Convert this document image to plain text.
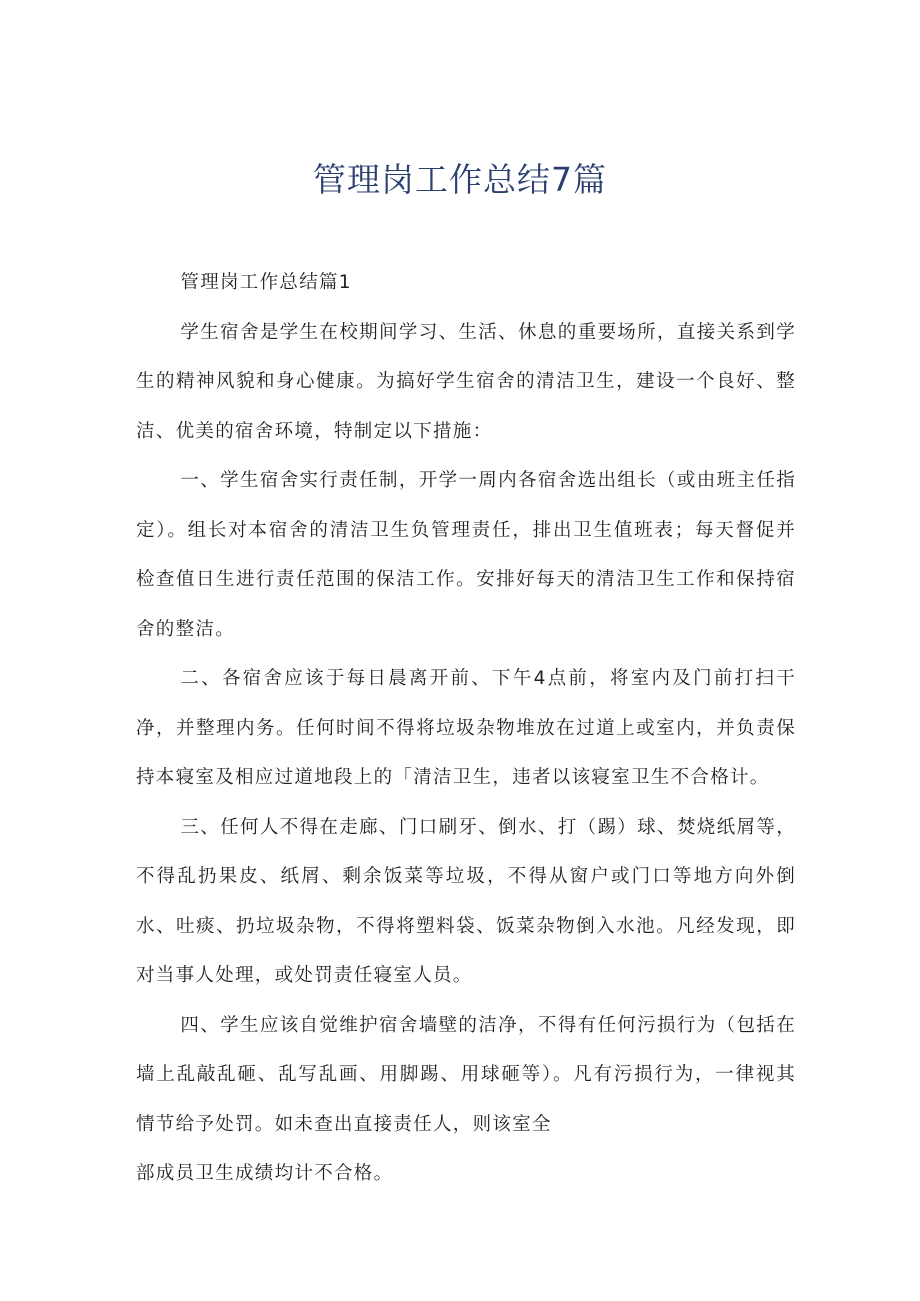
管理岗工作总结7篇

管理岗工作总结篇1

学生宿舍是学生在校期间学习、生活、休息的重要场所，直接关系到学生的精神风貌和身心健康。为搞好学生宿舍的清洁卫生，建设一个良好、整洁、优美的宿舍环境，特制定以下措施：

一、学生宿舍实行责任制，开学一周内各宿舍选出组长（或由班主任指定）。组长对本宿舍的清洁卫生负管理责任，排出卫生值班表；每天督促并检查值日生进行责任范围的保洁工作。安排好每天的清洁卫生工作和保持宿舍的整洁。

二、各宿舍应该于每日晨离开前、下午4点前，将室内及门前打扫干净，并整理内务。任何时间不得将垃圾杂物堆放在过道上或室内，并负责保持本寝室及相应过道地段上的「清洁卫生，违者以该寝室卫生不合格计。

三、任何人不得在走廊、门口刷牙、倒水、打（踢）球、焚烧纸屑等，不得乱扔果皮、纸屑、剩余饭菜等垃圾，不得从窗户或门口等地方向外倒水、吐痰、扔垃圾杂物，不得将塑料袋、饭菜杂物倒入水池。凡经发现，即对当事人处理，或处罚责任寝室人员。

四、学生应该自觉维护宿舍墙壁的洁净，不得有任何污损行为（包括在墙上乱敲乱砸、乱写乱画、用脚踢、用球砸等）。凡有污损行为，一律视其情节给予处罚。如未查出直接责任人，则该室全

部成员卫生成绩均计不合格。
